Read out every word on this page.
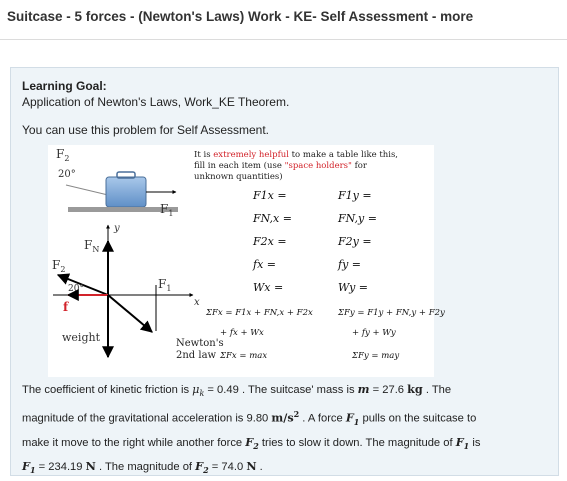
Suitcase - 5 forces - (Newton's Laws) Work - KE- Self Assessment - more
Learning Goal:
Application of Newton's Laws, Work_KE Theorem.
You can use this problem for Self Assessment.
$F_2$
20°
$F_1$
y
x
$F_N$
$F_2$
20°	$F_1$
f
weight
It is extremely helpful to make a table like this,
fill in each item (use "space holders" for
unknown quantities)
F1x =	F1y =
FN,x =	FN,y =
F2x =	F2y =
fx =	fy =
Wx =	Wy =
ΣFx = F1x + FN,x + F2x	ΣFy = F1y + FN,y + F2y
+ fx + Wx	+ fy + Wy
ΣFx = max	ΣFy = may
Newton's
2nd law
The coefficient of kinetic friction is $\mu_k = 0.49$ . The suitcase' mass is m = 27.6 kg . The
magnitude of the gravitational acceleration is 9.80 $m/s^2$ . A force $F_1$ pulls on the suitcase to
make it move to the right while another force $F_2$ tries to slow it down. The magnitude of $F_1$ is
$F_1 = 234.19$ N . The magnitude of $F_2 = 74.0$ N .
